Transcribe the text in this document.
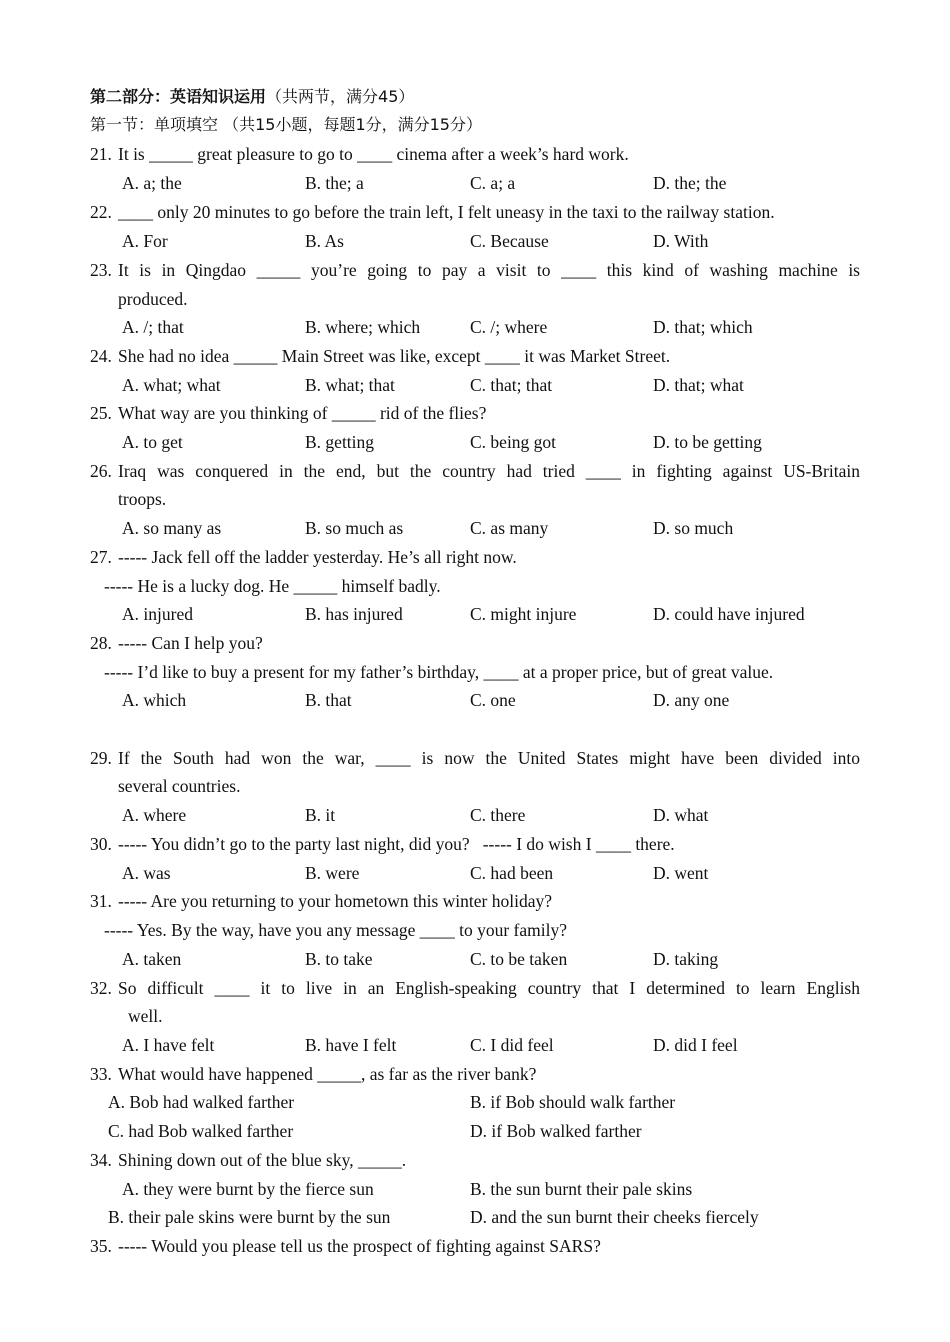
第二部分：英语知识运用（共两节，满分45）
第一节：单项填空 （共15小题，每题1分，满分15分）
21. It is _____ great pleasure to go to ____ cinema after a week’s hard work.
A. a; the	B. the; a	C. a; a	D. the; the
22. ____ only 20 minutes to go before the train left, I felt uneasy in the taxi to the railway station.
A. For	B. As	C. Because	D. With
23. It is in Qingdao _____ you’re going to pay a visit to ____ this kind of washing machine is
produced.
A. /; that	B. where; which	C. /; where	D. that; which
24. She had no idea _____ Main Street was like, except ____ it was Market Street.
A. what; what	B. what; that	C. that; that	D. that; what
25. What way are you thinking of _____ rid of the flies?
A. to get	B. getting	C. being got	D. to be getting
26. Iraq was conquered in the end, but the country had tried ____ in fighting against US-Britain
troops.
A. so many as	B. so much as	C. as many	D. so much
27. ----- Jack fell off the ladder yesterday. He’s all right now.
----- He is a lucky dog. He _____ himself badly.
A. injured	B. has injured	C. might injure	D. could have injured
28. ----- Can I help you?
----- I’d like to buy a present for my father’s birthday, ____ at a proper price, but of great value.
A. which	B. that	C. one	D. any one
29. If the South had won the war, ____ is now the United States might have been divided into
several countries.
A. where	B. it	C. there	D. what
30. ----- You didn’t go to the party last night, did you?   ----- I do wish I ____ there.
A. was	B. were	C. had been	D. went
31. ----- Are you returning to your hometown this winter holiday?
----- Yes. By the way, have you any message ____ to your family?
A. taken	B. to take	C. to be taken	D. taking
32. So difficult ____ it to live in an English-speaking country that I determined to learn English
well.
A. I have felt	B. have I felt	C. I did feel	D. did I feel
33. What would have happened _____, as far as the river bank?
A. Bob had walked farther	B. if Bob should walk farther
C. had Bob walked farther	D. if Bob walked farther
34. Shining down out of the blue sky, _____.
A. they were burnt by the fierce sun	B. the sun burnt their pale skins
B. their pale skins were burnt by the sun	D. and the sun burnt their cheeks fiercely
35. ----- Would you please tell us the prospect of fighting against SARS?
